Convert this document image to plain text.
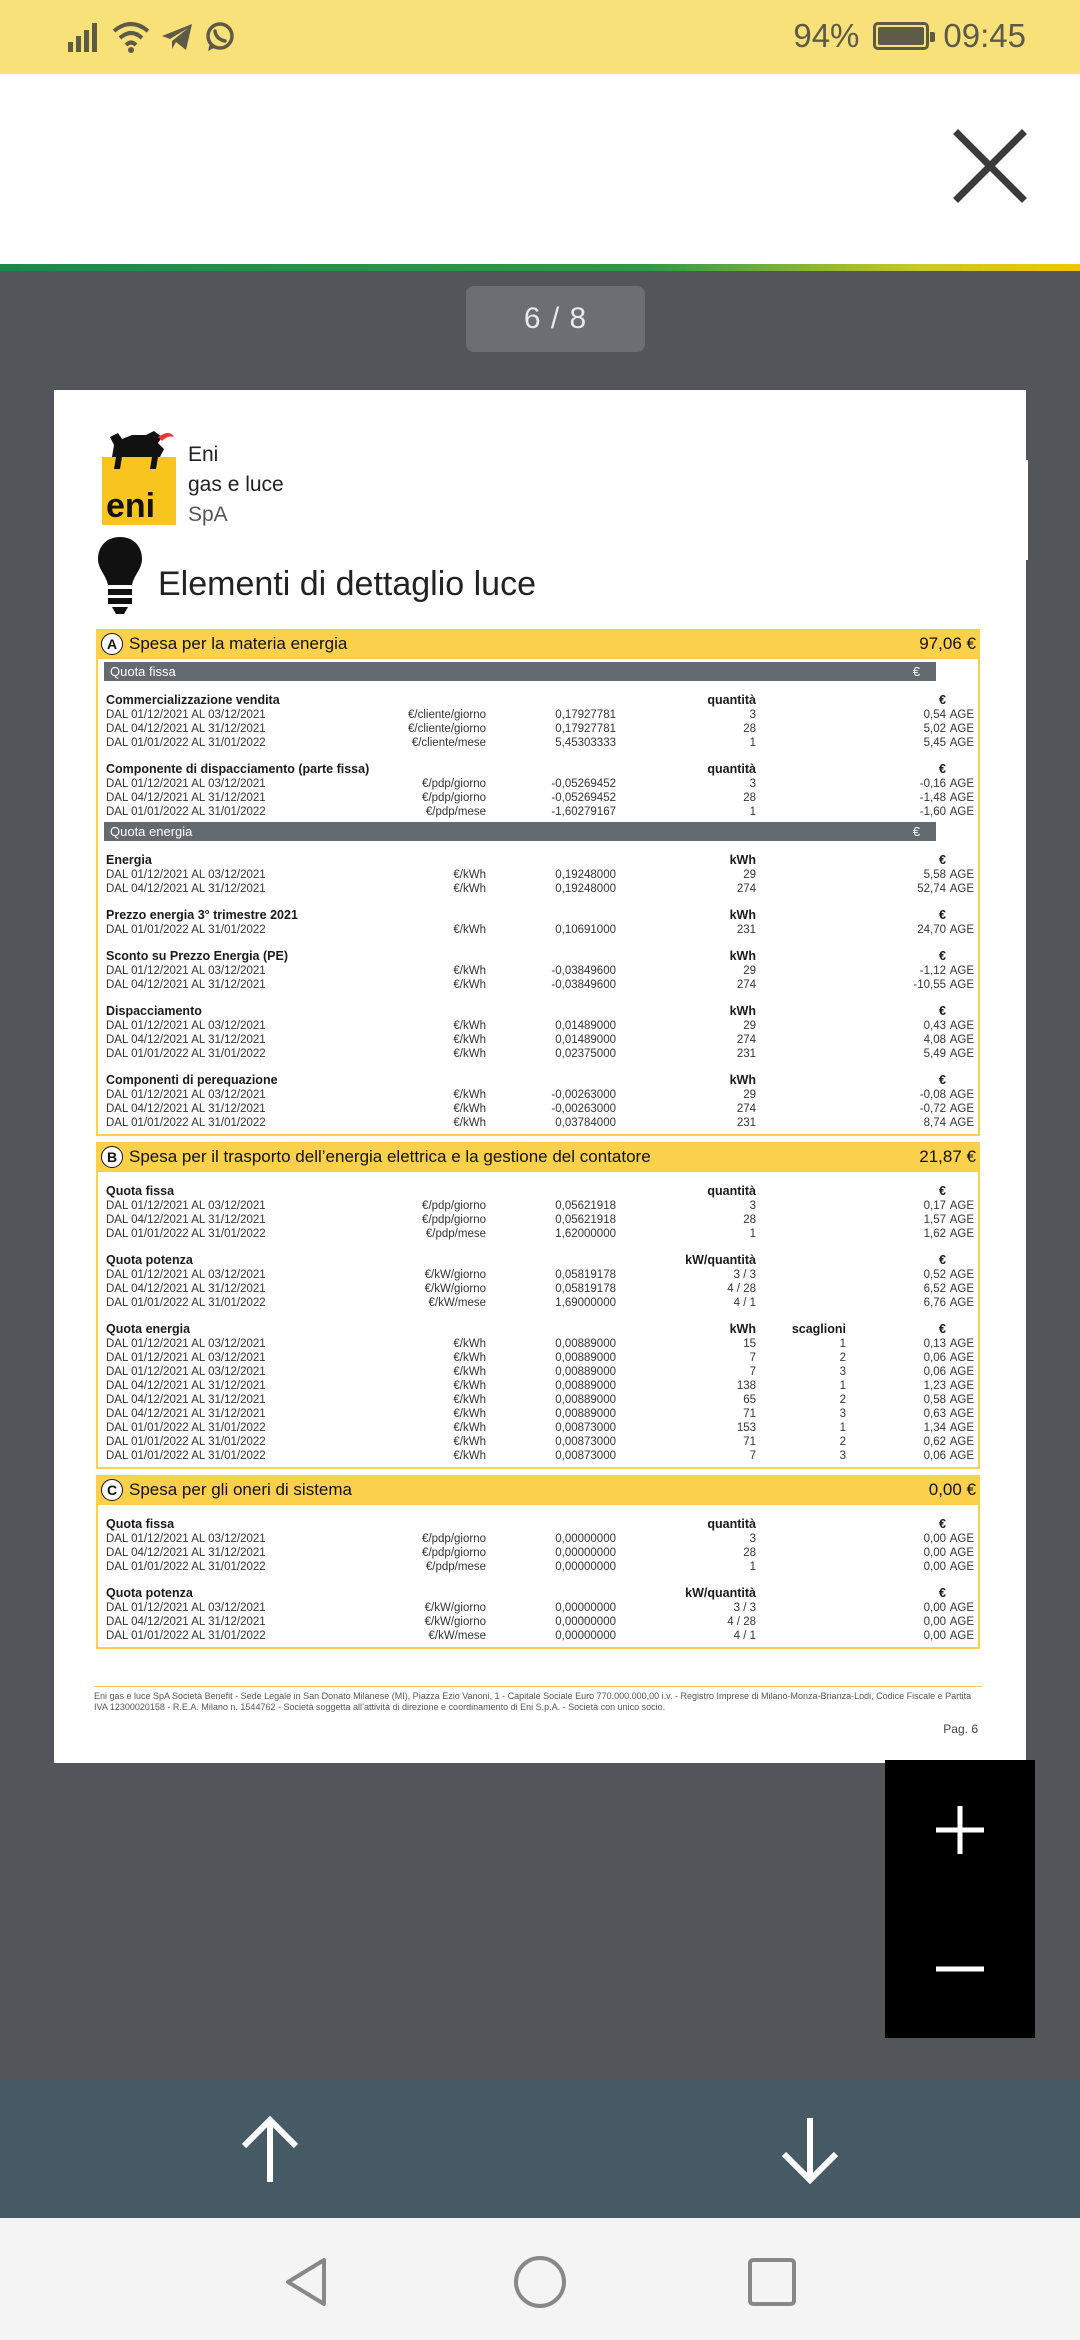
94%	09:45
6 / 8
eni
Eni
gas e luce
SpA
Elementi di dettaglio luce
A Spesa per la materia energia	97,06 €
Quota fissa	€
Commercializzazione vendita	quantità	€
DAL 01/12/2021 AL 03/12/2021	€/cliente/giorno	0,17927781	3	0,54 AGE
DAL 04/12/2021 AL 31/12/2021	€/cliente/giorno	0,17927781	28	5,02 AGE
DAL 01/01/2022 AL 31/01/2022	€/cliente/mese	5,45303333	1	5,45 AGE
Componente di dispacciamento (parte fissa)	quantità	€
DAL 01/12/2021 AL 03/12/2021	€/pdp/giorno	-0,05269452	3	-0,16 AGE
DAL 04/12/2021 AL 31/12/2021	€/pdp/giorno	-0,05269452	28	-1,48 AGE
DAL 01/01/2022 AL 31/01/2022	€/pdp/mese	-1,60279167	1	-1,60 AGE
Quota energia	€
Energia	kWh	€
DAL 01/12/2021 AL 03/12/2021	€/kWh	0,19248000	29	5,58 AGE
DAL 04/12/2021 AL 31/12/2021	€/kWh	0,19248000	274	52,74 AGE
Prezzo energia 3° trimestre 2021	kWh	€
DAL 01/01/2022 AL 31/01/2022	€/kWh	0,10691000	231	24,70 AGE
Sconto su Prezzo Energia (PE)	kWh	€
DAL 01/12/2021 AL 03/12/2021	€/kWh	-0,03849600	29	-1,12 AGE
DAL 04/12/2021 AL 31/12/2021	€/kWh	-0,03849600	274	-10,55 AGE
Dispacciamento	kWh	€
DAL 01/12/2021 AL 03/12/2021	€/kWh	0,01489000	29	0,43 AGE
DAL 04/12/2021 AL 31/12/2021	€/kWh	0,01489000	274	4,08 AGE
DAL 01/01/2022 AL 31/01/2022	€/kWh	0,02375000	231	5,49 AGE
Componenti di perequazione	kWh	€
DAL 01/12/2021 AL 03/12/2021	€/kWh	-0,00263000	29	-0,08 AGE
DAL 04/12/2021 AL 31/12/2021	€/kWh	-0,00263000	274	-0,72 AGE
DAL 01/01/2022 AL 31/01/2022	€/kWh	0,03784000	231	8,74 AGE
B Spesa per il trasporto dell’energia elettrica e la gestione del contatore	21,87 €
Quota fissa	quantità	€
DAL 01/12/2021 AL 03/12/2021	€/pdp/giorno	0,05621918	3	0,17 AGE
DAL 04/12/2021 AL 31/12/2021	€/pdp/giorno	0,05621918	28	1,57 AGE
DAL 01/01/2022 AL 31/01/2022	€/pdp/mese	1,62000000	1	1,62 AGE
Quota potenza	kW/quantità	€
DAL 01/12/2021 AL 03/12/2021	€/kW/giorno	0,05819178	3 / 3	0,52 AGE
DAL 04/12/2021 AL 31/12/2021	€/kW/giorno	0,05819178	4 / 28	6,52 AGE
DAL 01/01/2022 AL 31/01/2022	€/kW/mese	1,69000000	4 / 1	6,76 AGE
Quota energia	kWh	scaglioni	€
DAL 01/12/2021 AL 03/12/2021	€/kWh	0,00889000	15	1	0,13 AGE
DAL 01/12/2021 AL 03/12/2021	€/kWh	0,00889000	7	2	0,06 AGE
DAL 01/12/2021 AL 03/12/2021	€/kWh	0,00889000	7	3	0,06 AGE
DAL 04/12/2021 AL 31/12/2021	€/kWh	0,00889000	138	1	1,23 AGE
DAL 04/12/2021 AL 31/12/2021	€/kWh	0,00889000	65	2	0,58 AGE
DAL 04/12/2021 AL 31/12/2021	€/kWh	0,00889000	71	3	0,63 AGE
DAL 01/01/2022 AL 31/01/2022	€/kWh	0,00873000	153	1	1,34 AGE
DAL 01/01/2022 AL 31/01/2022	€/kWh	0,00873000	71	2	0,62 AGE
DAL 01/01/2022 AL 31/01/2022	€/kWh	0,00873000	7	3	0,06 AGE
C Spesa per gli oneri di sistema	0,00 €
Quota fissa	quantità	€
DAL 01/12/2021 AL 03/12/2021	€/pdp/giorno	0,00000000	3	0,00 AGE
DAL 04/12/2021 AL 31/12/2021	€/pdp/giorno	0,00000000	28	0,00 AGE
DAL 01/01/2022 AL 31/01/2022	€/pdp/mese	0,00000000	1	0,00 AGE
Quota potenza	kW/quantità	€
DAL 01/12/2021 AL 03/12/2021	€/kW/giorno	0,00000000	3 / 3	0,00 AGE
DAL 04/12/2021 AL 31/12/2021	€/kW/giorno	0,00000000	4 / 28	0,00 AGE
DAL 01/01/2022 AL 31/01/2022	€/kW/mese	0,00000000	4 / 1	0,00 AGE
Eni gas e luce SpA Società Benefit - Sede Legale in San Donato Milanese (MI), Piazza Ezio Vanoni, 1 - Capitale Sociale Euro 770.000.000,00 i.v. - Registro Imprese di Milano-Monza-Brianza-Lodi, Codice Fiscale e Partita IVA 12300020158 - R.E.A. Milano n. 1544762 - Società soggetta all’attività di direzione e coordinamento di Eni S.p.A. - Società con unico socio.
Pag. 6
